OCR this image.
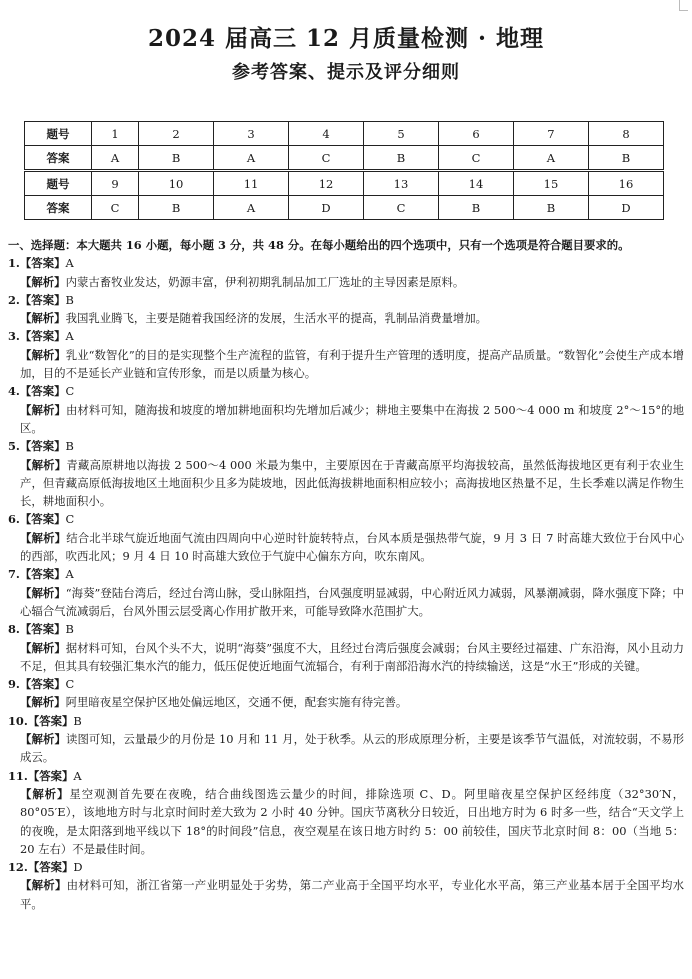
2024 届高三 12 月质量检测 · 地理
参考答案、提示及评分细则
题号	1	2	3	4	5	6	7	8
答案	A	B	A	C	B	C	A	B
题号	9	10	11	12	13	14	15	16
答案	C	B	A	D	C	B	B	D
一、选择题：本大题共 16 小题，每小题 3 分，共 48 分。在每小题给出的四个选项中，只有一个选项是符合题目要求的。
1.【答案】A
【解析】内蒙古畜牧业发达，奶源丰富，伊利初期乳制品加工厂选址的主导因素是原料。
2.【答案】B
【解析】我国乳业腾飞，主要是随着我国经济的发展，生活水平的提高，乳制品消费量增加。
3.【答案】A
【解析】乳业“数智化”的目的是实现整个生产流程的监管，有利于提升生产管理的透明度，提高产品质量。“数智化”会使生产成本增加，目的不是延长产业链和宣传形象，而是以质量为核心。
4.【答案】C
【解析】由材料可知，随海拔和坡度的增加耕地面积均先增加后减少；耕地主要集中在海拔 2 500～4 000 m 和坡度 2°～15°的地区。
5.【答案】B
【解析】青藏高原耕地以海拔 2 500～4 000 米最为集中，主要原因在于青藏高原平均海拔较高，虽然低海拔地区更有利于农业生产，但青藏高原低海拔地区土地面积少且多为陡坡地，因此低海拔耕地面积相应较小；高海拔地区热量不足，生长季难以满足作物生长，耕地面积小。
6.【答案】C
【解析】结合北半球气旋近地面气流由四周向中心逆时针旋转特点，台风本质是强热带气旋，9 月 3 日 7 时高雄大致位于台风中心的西部，吹西北风；9 月 4 日 10 时高雄大致位于气旋中心偏东方向，吹东南风。
7.【答案】A
【解析】“海葵”登陆台湾后，经过台湾山脉，受山脉阻挡，台风强度明显减弱，中心附近风力减弱，风暴潮减弱，降水强度下降；中心辐合气流减弱后，台风外围云层受离心作用扩散开来，可能导致降水范围扩大。
8.【答案】B
【解析】据材料可知，台风个头不大，说明“海葵”强度不大，且经过台湾后强度会减弱；台风主要经过福建、广东沿海，风小且动力不足，但其具有较强汇集水汽的能力，低压促使近地面气流辐合，有利于南部沿海水汽的持续输送，这是“水王”形成的关键。
9.【答案】C
【解析】阿里暗夜星空保护区地处偏远地区，交通不便，配套实施有待完善。
10.【答案】B
【解析】读图可知，云量最少的月份是 10 月和 11 月，处于秋季。从云的形成原理分析，主要是该季节气温低，对流较弱，不易形成云。
11.【答案】A
【解析】星空观测首先要在夜晚，结合曲线图选云量少的时间，排除选项 C、D。阿里暗夜星空保护区经纬度（32°30′N，80°05′E），该地地方时与北京时间时差大致为 2 小时 40 分钟。国庆节离秋分日较近，日出地方时为 6 时多一些，结合“天文学上的夜晚，是太阳落到地平线以下 18°的时间段”信息，夜空观星在该日地方时约 5：00 前较佳，国庆节北京时间 8：00（当地 5：20 左右）不是最佳时间。
12.【答案】D
【解析】由材料可知，浙江省第一产业明显处于劣势，第二产业高于全国平均水平，专业化水平高，第三产业基本居于全国平均水平。
